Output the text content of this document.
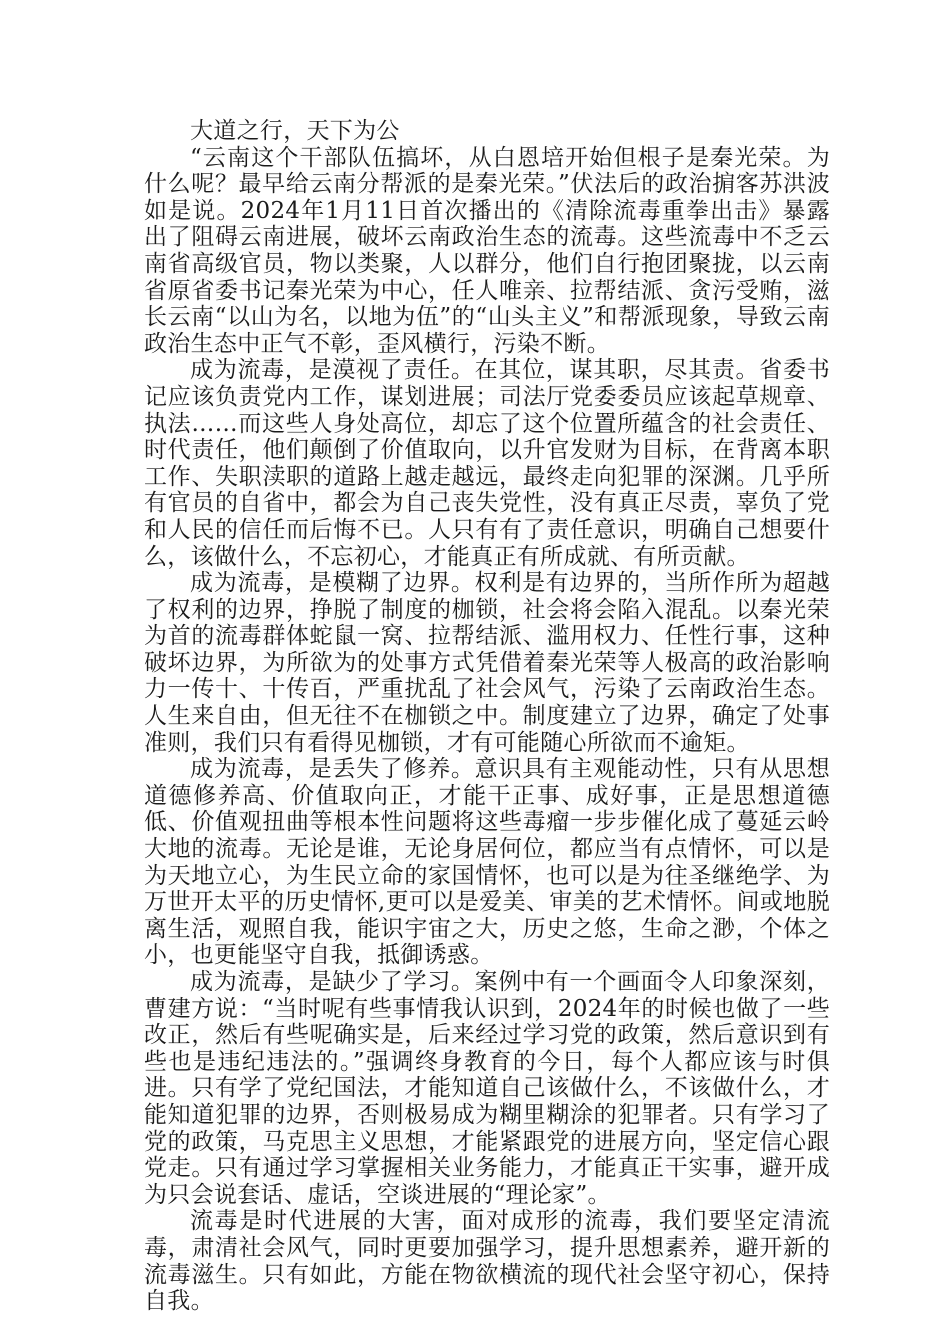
大道之行，天下为公

“云南这个干部队伍搞坏，从白恩培开始但根子是秦光荣。为什么呢？最早给云南分帮派的是秦光荣。”伏法后的政治掮客苏洪波如是说。2024年1月11日首次播出的《清除流毒重拳出击》暴露出了阻碍云南进展，破坏云南政治生态的流毒。这些流毒中不乏云南省高级官员，物以类聚，人以群分，他们自行抱团聚拢，以云南省原省委书记秦光荣为中心，任人唯亲、拉帮结派、贪污受贿，滋长云南“以山为名，以地为伍”的“山头主义”和帮派现象，导致云南政治生态中正气不彰，歪风横行，污染不断。

成为流毒，是漠视了责任。在其位，谋其职，尽其责。省委书记应该负责党内工作，谋划进展；司法厅党委委员应该起草规章、执法……而这些人身处高位，却忘了这个位置所蕴含的社会责任、时代责任，他们颠倒了价值取向，以升官发财为目标，在背离本职工作、失职渎职的道路上越走越远，最终走向犯罪的深渊。几乎所有官员的自省中，都会为自己丧失党性，没有真正尽责，辜负了党和人民的信任而后悔不已。人只有有了责任意识，明确自己想要什么，该做什么，不忘初心，才能真正有所成就、有所贡献。

成为流毒，是模糊了边界。权利是有边界的，当所作所为超越了权利的边界，挣脱了制度的枷锁，社会将会陷入混乱。以秦光荣为首的流毒群体蛇鼠一窝、拉帮结派、滥用权力、任性行事，这种破坏边界，为所欲为的处事方式凭借着秦光荣等人极高的政治影响力一传十、十传百，严重扰乱了社会风气，污染了云南政治生态。人生来自由，但无往不在枷锁之中。制度建立了边界，确定了处事准则，我们只有看得见枷锁，才有可能随心所欲而不逾矩。

成为流毒，是丢失了修养。意识具有主观能动性，只有从思想道德修养高、价值取向正，才能干正事、成好事，正是思想道德低、价值观扭曲等根本性问题将这些毒瘤一步步催化成了蔓延云岭大地的流毒。无论是谁，无论身居何位，都应当有点情怀，可以是为天地立心，为生民立命的家国情怀，也可以是为往圣继绝学、为万世开太平的历史情怀,更可以是爱美、审美的艺术情怀。间或地脱离生活，观照自我，能识宇宙之大，历史之悠，生命之渺，个体之小，也更能坚守自我，抵御诱惑。

成为流毒，是缺少了学习。案例中有一个画面令人印象深刻，曹建方说：“当时呢有些事情我认识到，2024年的时候也做了一些改正，然后有些呢确实是，后来经过学习党的政策，然后意识到有些也是违纪违法的。”强调终身教育的今日，每个人都应该与时俱进。只有学了党纪国法，才能知道自己该做什么，不该做什么，才能知道犯罪的边界，否则极易成为糊里糊涂的犯罪者。只有学习了党的政策，马克思主义思想，才能紧跟党的进展方向，坚定信心跟党走。只有通过学习掌握相关业务能力，才能真正干实事，避开成为只会说套话、虚话，空谈进展的“理论家”。

流毒是时代进展的大害，面对成形的流毒，我们要坚定清流毒，肃清社会风气，同时更要加强学习，提升思想素养，避开新的流毒滋生。只有如此，方能在物欲横流的现代社会坚守初心，保持自我。
